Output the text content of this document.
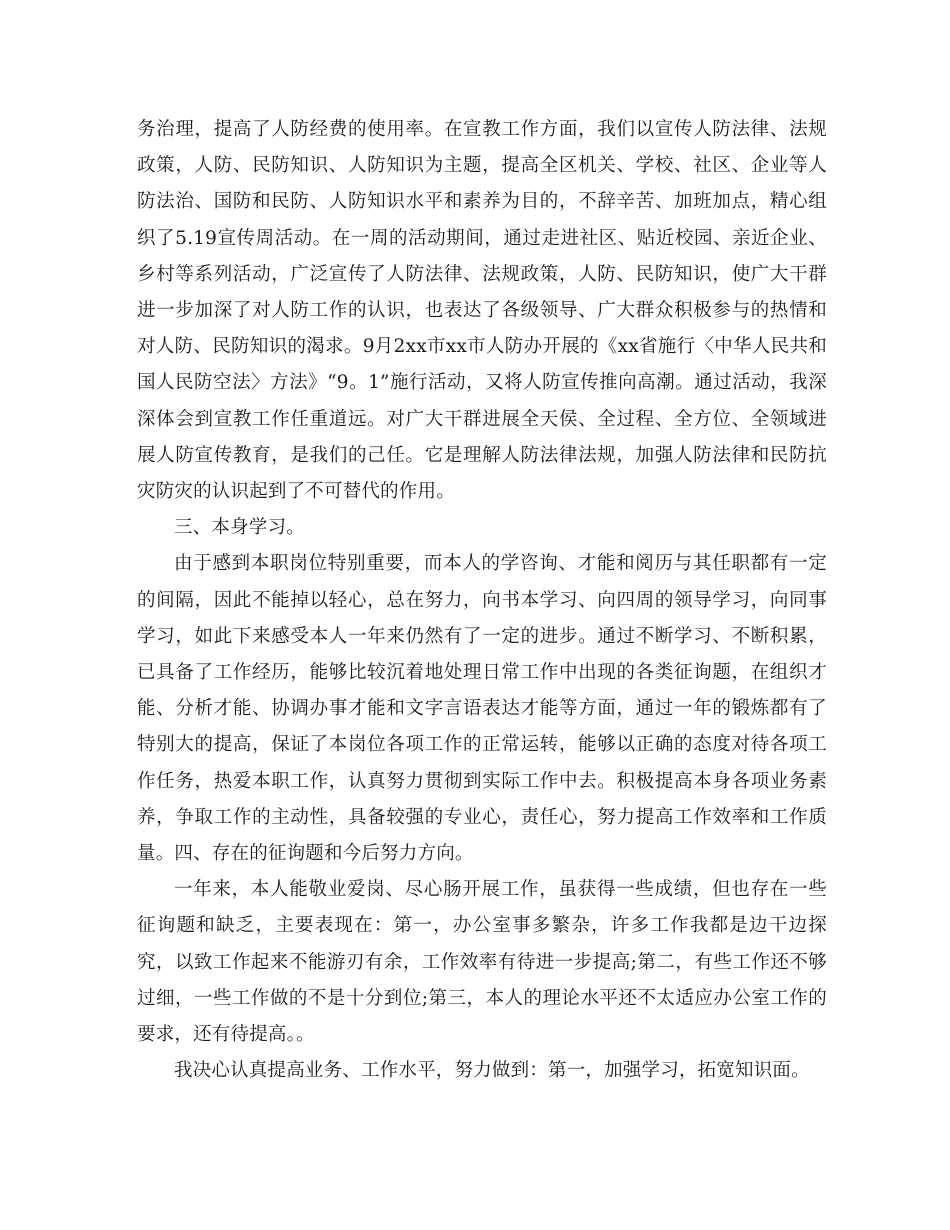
务治理，提高了人防经费的使用率。在宣教工作方面，我们以宣传人防法律、法规政策，人防、民防知识、人防知识为主题，提高全区机关、学校、社区、企业等人防法治、国防和民防、人防知识水平和素养为目的，不辞辛苦、加班加点，精心组织了5.19宣传周活动。在一周的活动期间，通过走进社区、贴近校园、亲近企业、乡村等系列活动，广泛宣传了人防法律、法规政策，人防、民防知识，使广大干群进一步加深了对人防工作的认识，也表达了各级领导、广大群众积极参与的热情和对人防、民防知识的渴求。9月2xx市xx市人防办开展的《xx省施行〈中华人民共和国人民防空法〉方法》“9。1”施行活动，又将人防宣传推向高潮。通过活动，我深深体会到宣教工作任重道远。对广大干群进展全天侯、全过程、全方位、全领域进展人防宣传教育，是我们的己任。它是理解人防法律法规，加强人防法律和民防抗灾防灾的认识起到了不可替代的作用。

三、本身学习。

由于感到本职岗位特别重要，而本人的学咨询、才能和阅历与其任职都有一定的间隔，因此不能掉以轻心，总在努力，向书本学习、向四周的领导学习，向同事学习，如此下来感受本人一年来仍然有了一定的进步。通过不断学习、不断积累，已具备了工作经历，能够比较沉着地处理日常工作中出现的各类征询题，在组织才能、分析才能、协调办事才能和文字言语表达才能等方面，通过一年的锻炼都有了特别大的提高，保证了本岗位各项工作的正常运转，能够以正确的态度对待各项工作任务，热爱本职工作，认真努力贯彻到实际工作中去。积极提高本身各项业务素养，争取工作的主动性，具备较强的专业心，责任心，努力提高工作效率和工作质量。四、存在的征询题和今后努力方向。

一年来，本人能敬业爱岗、尽心肠开展工作，虽获得一些成绩，但也存在一些征询题和缺乏，主要表现在：第一，办公室事多繁杂，许多工作我都是边干边探究，以致工作起来不能游刃有余，工作效率有待进一步提高;第二，有些工作还不够过细，一些工作做的不是十分到位;第三，本人的理论水平还不太适应办公室工作的要求，还有待提高。。

我决心认真提高业务、工作水平，努力做到：第一，加强学习，拓宽知识面。
